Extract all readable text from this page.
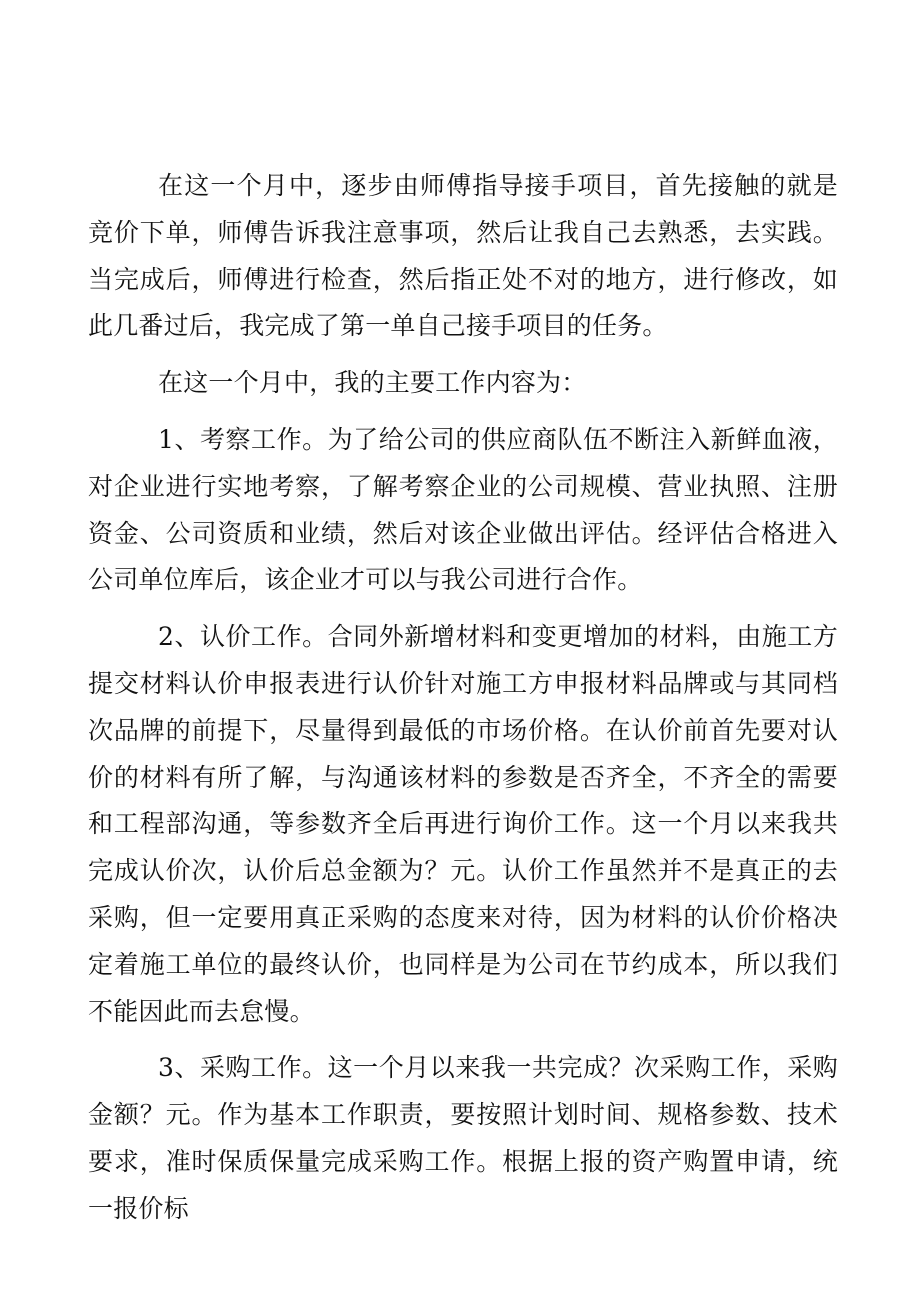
在这一个月中，逐步由师傅指导接手项目，首先接触的就是竞价下单，师傅告诉我注意事项，然后让我自己去熟悉，去实践。当完成后，师傅进行检查，然后指正处不对的地方，进行修改，如此几番过后，我完成了第一单自己接手项目的任务。

在这一个月中，我的主要工作内容为：

1、考察工作。为了给公司的供应商队伍不断注入新鲜血液，对企业进行实地考察，了解考察企业的公司规模、营业执照、注册资金、公司资质和业绩，然后对该企业做出评估。经评估合格进入公司单位库后，该企业才可以与我公司进行合作。

2、认价工作。合同外新增材料和变更增加的材料，由施工方提交材料认价申报表进行认价针对施工方申报材料品牌或与其同档次品牌的前提下，尽量得到最低的市场价格。在认价前首先要对认价的材料有所了解，与沟通该材料的参数是否齐全，不齐全的需要和工程部沟通，等参数齐全后再进行询价工作。这一个月以来我共完成认价次，认价后总金额为？元。认价工作虽然并不是真正的去采购，但一定要用真正采购的态度来对待，因为材料的认价价格决定着施工单位的最终认价，也同样是为公司在节约成本，所以我们不能因此而去怠慢。

3、采购工作。这一个月以来我一共完成？次采购工作，采购金额？元。作为基本工作职责，要按照计划时间、规格参数、技术要求，准时保质保量完成采购工作。根据上报的资产购置申请，统一报价标
